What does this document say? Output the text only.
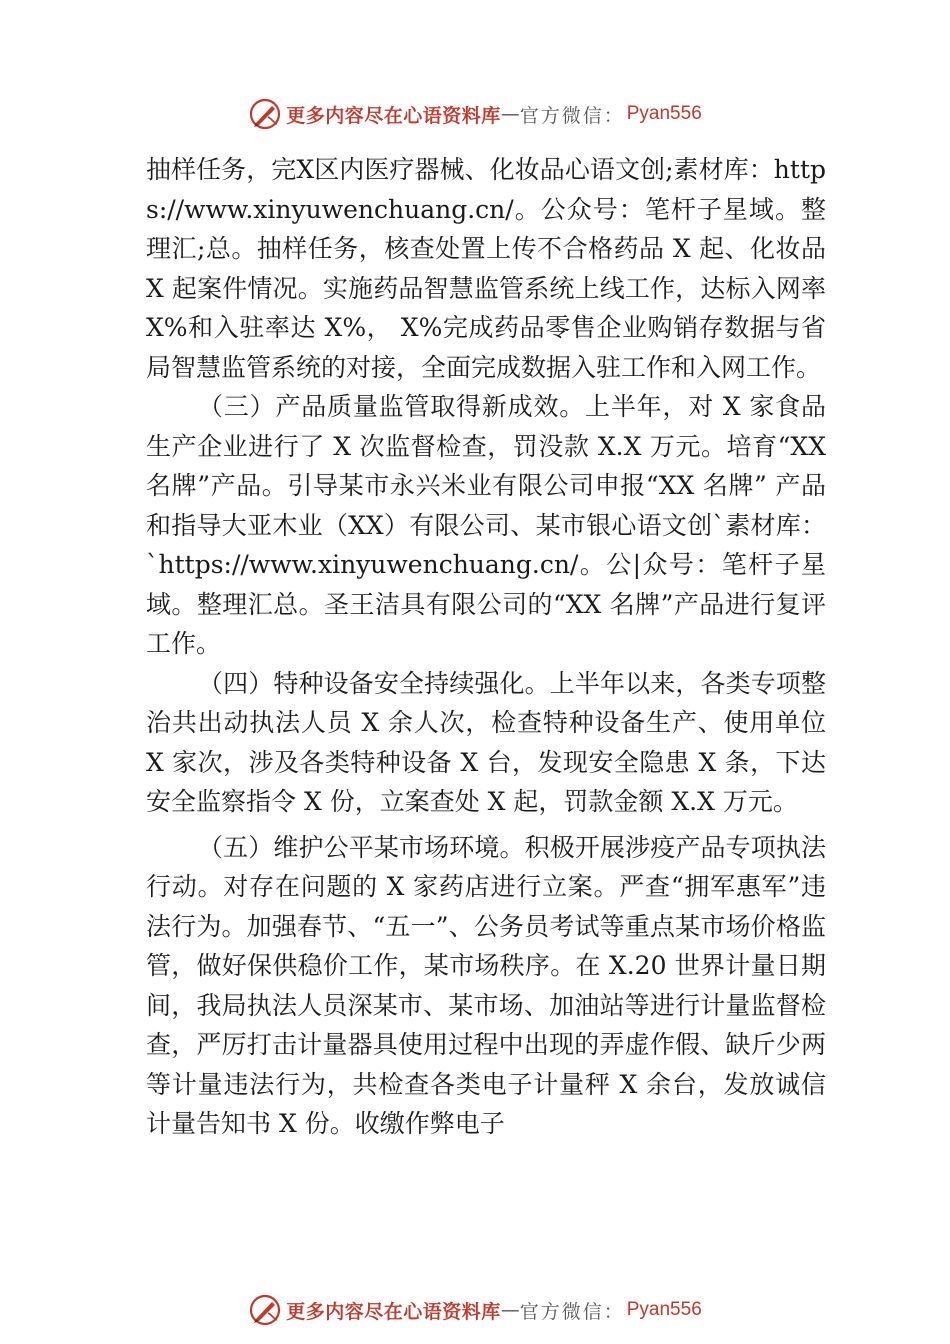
更多内容尽在心语资料库 — 官方微信： Pyan556

抽样任务，完X区内医疗器械、化妆品心语文创;素材库：https://www.xinyuwenchuang.cn/。公众号：笔杆子星域。整理汇;总。抽样任务，核查处置上传不合格药品 X 起、化妆品 X 起案件情况。实施药品智慧监管系统上线工作，达标入网率 X%和入驻率达 X%， X%完成药品零售企业购销存数据与省局智慧监管系统的对接，全面完成数据入驻工作和入网工作。

（三）产品质量监管取得新成效。上半年，对 X 家食品生产企业进行了 X 次监督检查，罚没款 X.X 万元。培育“XX 名牌”产品。引导某市永兴米业有限公司申报“XX 名牌” 产品和指导大亚木业（XX）有限公司、某市银心语文创`素材库：`https://www.xinyuwenchuang.cn/。公|众号：笔杆子星域。整理汇总。圣王洁具有限公司的“XX 名牌”产品进行复评工作。

（四）特种设备安全持续强化。上半年以来，各类专项整治共出动执法人员 X 余人次，检查特种设备生产、使用单位 X 家次，涉及各类特种设备 X 台，发现安全隐患 X 条，下达安全监察指令 X 份，立案查处 X 起，罚款金额 X.X 万元。

（五）维护公平某市场环境。积极开展涉疫产品专项执法行动。对存在问题的 X 家药店进行立案。严查“拥军惠军”违法行为。加强春节、“五一”、公务员考试等重点某市场价格监管，做好保供稳价工作，某市场秩序。在 X.20 世界计量日期间，我局执法人员深某市、某市场、加油站等进行计量监督检查，严厉打击计量器具使用过程中出现的弄虚作假、缺斤少两等计量违法行为，共检查各类电子计量秤 X 余台，发放诚信计量告知书 X 份。收缴作弊电子

更多内容尽在心语资料库 — 官方微信： Pyan556
